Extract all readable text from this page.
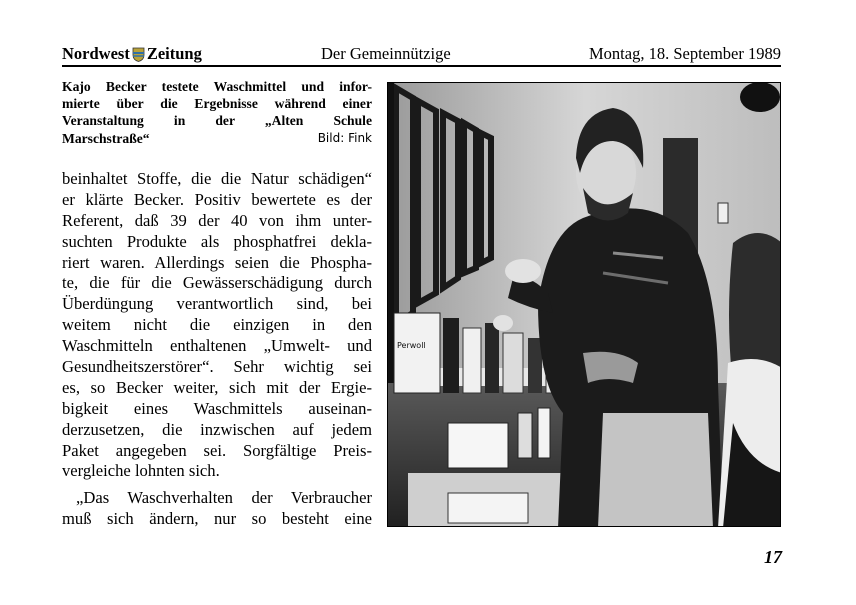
Nordwest Zeitung	Der Gemeinnützige	Montag, 18. September 1989
Kajo Becker testete Waschmittel und infor-
mierte über die Ergebnisse während einer
Veranstaltung in der „Alten Schule
Marschstraße“	Bild: Fink
beinhaltet Stoffe, die die Natur schädigen“
er klärte Becker. Positiv bewertete es der
Referent, daß 39 der 40 von ihm unter-
suchten Produkte als phosphatfrei dekla-
riert waren. Allerdings seien die Phospha-
te, die für die Gewässerschädigung durch
Überdüngung verantwortlich sind, bei
weitem nicht die einzigen in den
Waschmitteln enthaltenen „Umwelt- und
Gesundheitszerstörer“. Sehr wichtig sei
es, so Becker weiter, sich mit der Ergie-
bigkeit eines Waschmittels auseinan-
derzusetzen, die inzwischen auf jedem
Paket angegeben sei. Sorgfältige Preis-
vergleiche lohnten sich.
„Das Waschverhalten der Verbraucher
muß sich ändern, nur so besteht eine
Perwoll
17
